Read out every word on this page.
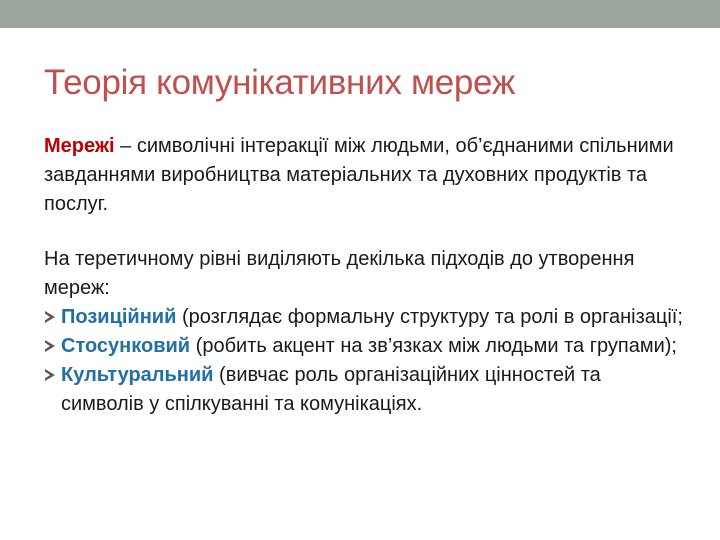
Теорія комунікативних мереж

Мережі – символічні інтеракції між людьми, об’єднаними спільними завданнями виробництва матеріальних та духовних продуктів та послуг.

На теретичному рівні виділяють декілька підходів до утворення мереж:

Позиційний (розглядає формальну структуру та ролі в організації;
Стосунковий (робить акцент на зв’язках між людьми та групами);
Культуральний (вивчає роль організаційних цінностей та символів у спілкуванні та комунікаціях.
